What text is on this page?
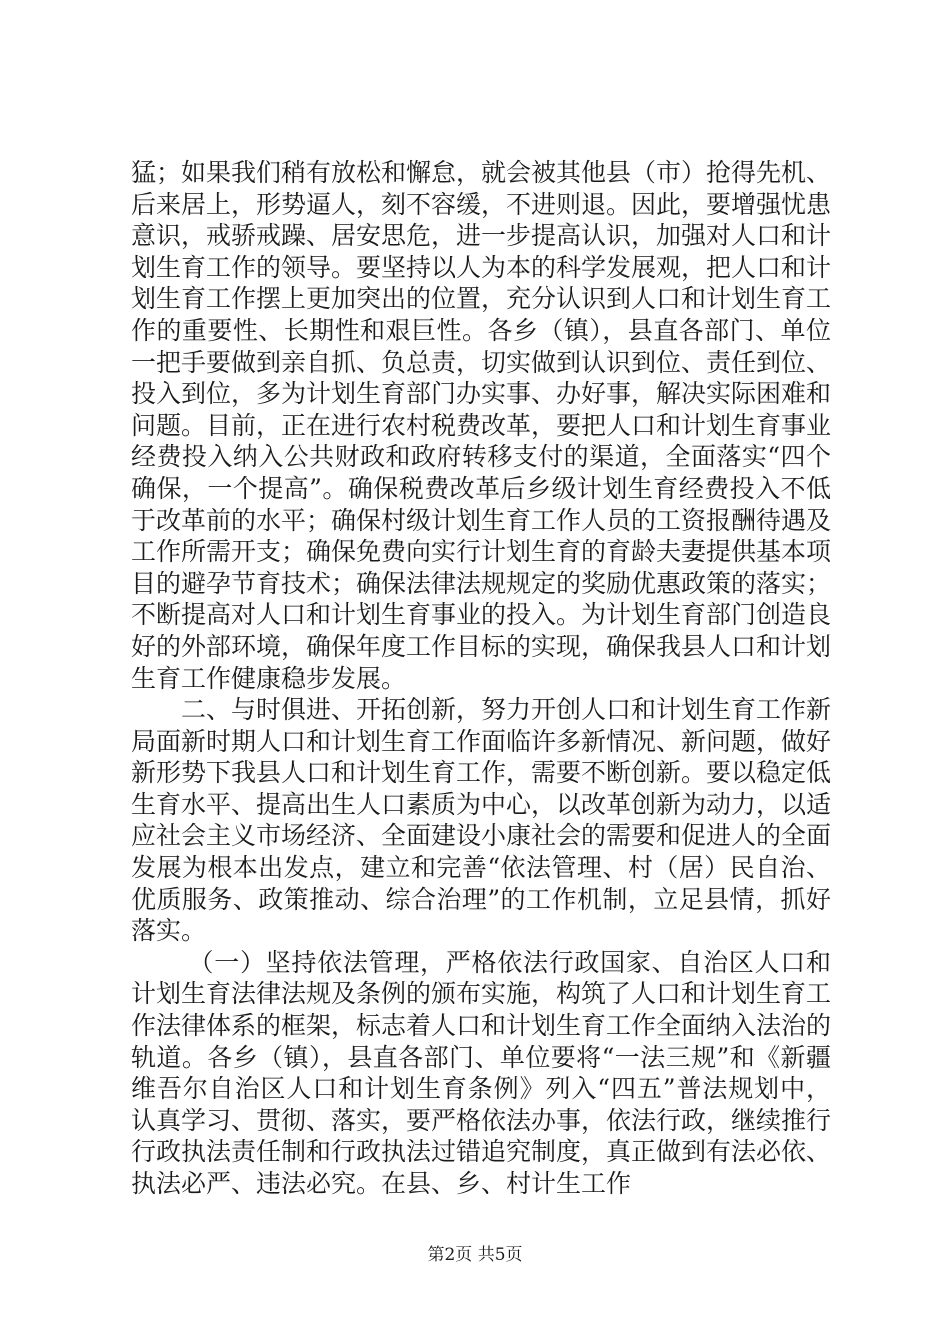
猛；如果我们稍有放松和懈怠，就会被其他县（市）抢得先机、后来居上，形势逼人，刻不容缓，不进则退。因此，要增强忧患意识，戒骄戒躁、居安思危，进一步提高认识，加强对人口和计划生育工作的领导。要坚持以人为本的科学发展观，把人口和计划生育工作摆上更加突出的位置，充分认识到人口和计划生育工作的重要性、长期性和艰巨性。各乡（镇），县直各部门、单位一把手要做到亲自抓、负总责，切实做到认识到位、责任到位、投入到位，多为计划生育部门办实事、办好事，解决实际困难和问题。目前，正在进行农村税费改革，要把人口和计划生育事业经费投入纳入公共财政和政府转移支付的渠道，全面落实“四个确保，一个提高”。确保税费改革后乡级计划生育经费投入不低于改革前的水平；确保村级计划生育工作人员的工资报酬待遇及工作所需开支；确保免费向实行计划生育的育龄夫妻提供基本项目的避孕节育技术；确保法律法规规定的奖励优惠政策的落实；不断提高对人口和计划生育事业的投入。为计划生育部门创造良好的外部环境，确保年度工作目标的实现，确保我县人口和计划生育工作健康稳步发展。

二、与时俱进、开拓创新，努力开创人口和计划生育工作新局面新时期人口和计划生育工作面临许多新情况、新问题，做好新形势下我县人口和计划生育工作，需要不断创新。要以稳定低生育水平、提高出生人口素质为中心，以改革创新为动力，以适应社会主义市场经济、全面建设小康社会的需要和促进人的全面发展为根本出发点，建立和完善“依法管理、村（居）民自治、优质服务、政策推动、综合治理”的工作机制，立足县情，抓好落实。

（一）坚持依法管理，严格依法行政国家、自治区人口和计划生育法律法规及条例的颁布实施，构筑了人口和计划生育工作法律体系的框架，标志着人口和计划生育工作全面纳入法治的轨道。各乡（镇），县直各部门、单位要将“一法三规”和《新疆维吾尔自治区人口和计划生育条例》列入“四五”普法规划中，认真学习、贯彻、落实，要严格依法办事，依法行政，继续推行行政执法责任制和行政执法过错追究制度，真正做到有法必依、执法必严、违法必究。在县、乡、村计生工作

第2页 共5页
